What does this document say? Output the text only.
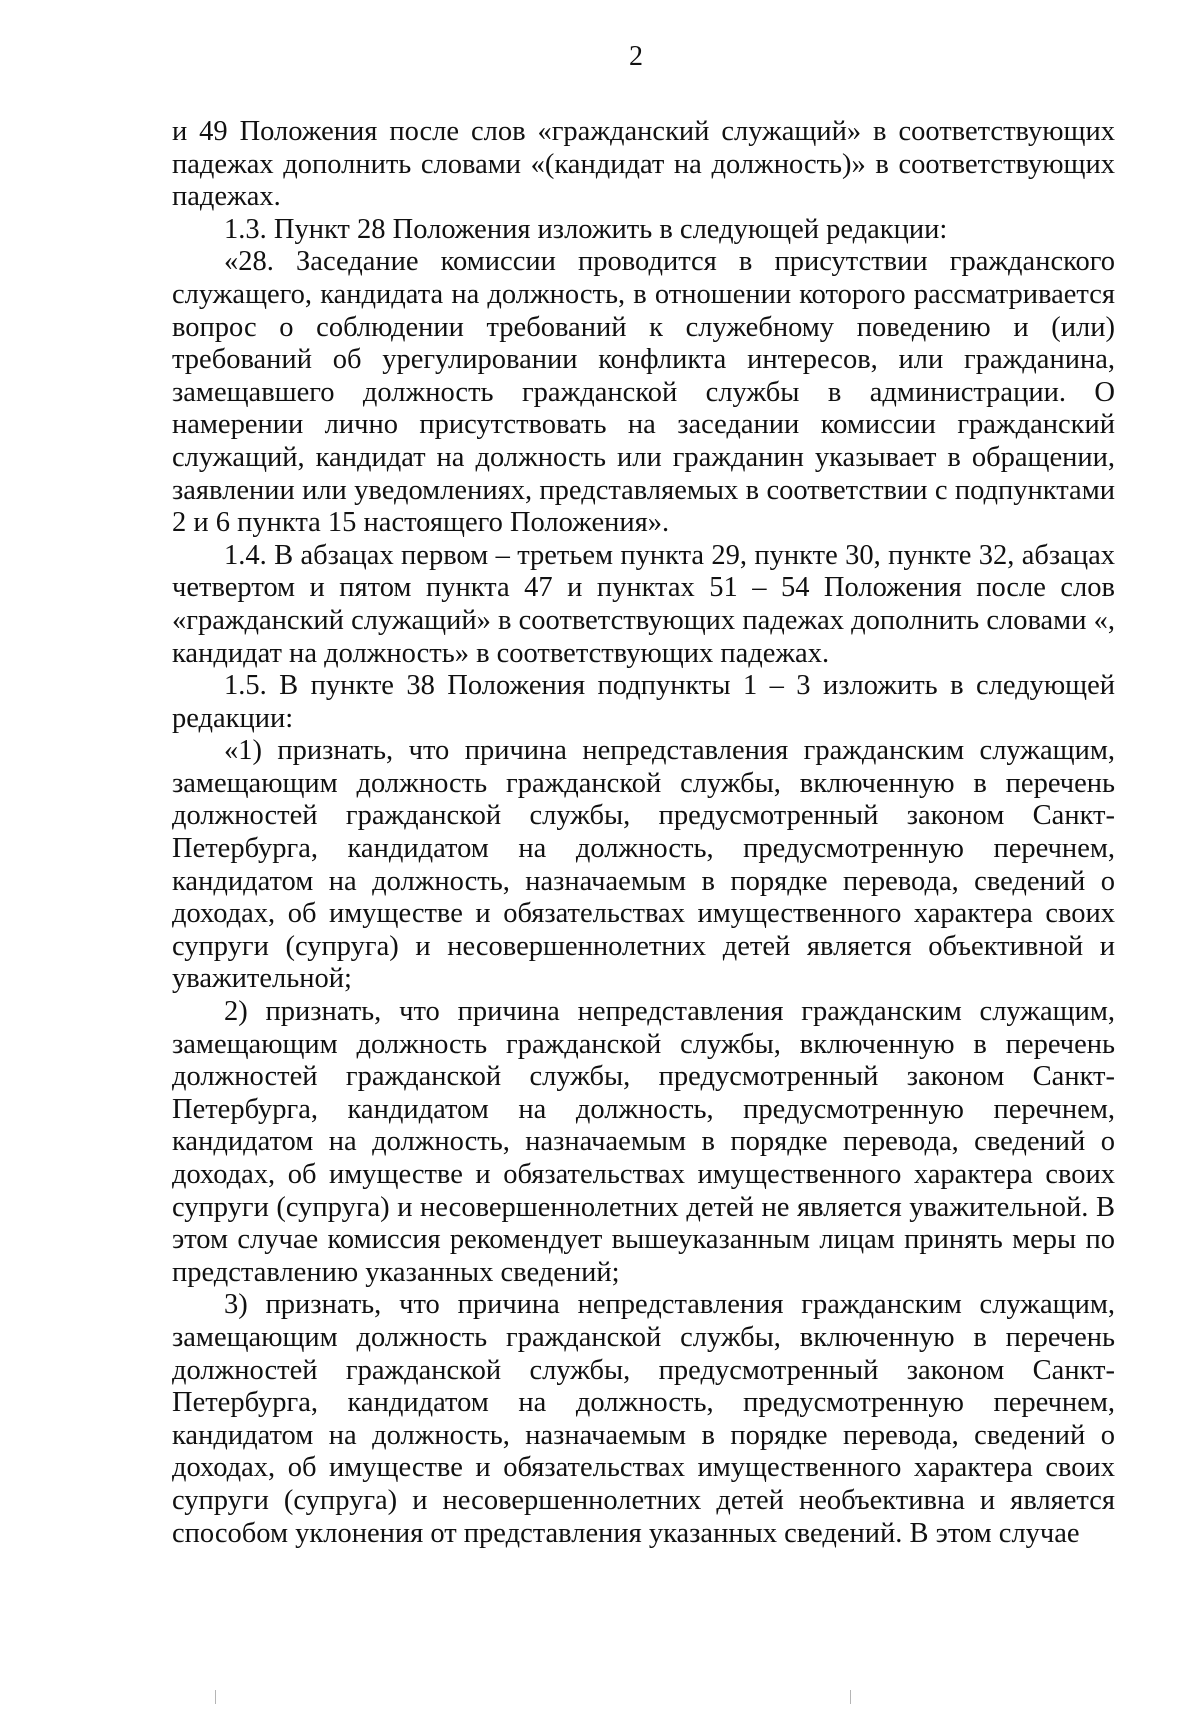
2

и 49 Положения после слов «гражданский служащий» в соответствующих падежах дополнить словами «(кандидат на должность)» в соответствующих падежах.

1.3. Пункт 28 Положения изложить в следующей редакции:

«28. Заседание комиссии проводится в присутствии гражданского служащего, кандидата на должность, в отношении которого рассматривается вопрос о соблюдении требований к служебному поведению и (или) требований об урегулировании конфликта интересов, или гражданина, замещавшего должность гражданской службы в администрации. О намерении лично присутствовать на заседании комиссии гражданский служащий, кандидат на должность или гражданин указывает в обращении, заявлении или уведомлениях, представляемых в соответствии с подпунктами 2 и 6 пункта 15 настоящего Положения».

1.4. В абзацах первом – третьем пункта 29, пункте 30, пункте 32, абзацах четвертом и пятом пункта 47 и пунктах 51 – 54 Положения после слов «гражданский служащий» в соответствующих падежах дополнить словами «, кандидат на должность» в соответствующих падежах.

1.5. В пункте 38 Положения подпункты 1 – 3 изложить в следующей редакции:

«1) признать, что причина непредставления гражданским служащим, замещающим должность гражданской службы, включенную в перечень должностей гражданской службы, предусмотренный законом Санкт-Петербурга, кандидатом на должность, предусмотренную перечнем, кандидатом на должность, назначаемым в порядке перевода, сведений о доходах, об имуществе и обязательствах имущественного характера своих супруги (супруга) и несовершеннолетних детей является объективной и уважительной;

2) признать, что причина непредставления гражданским служащим, замещающим должность гражданской службы, включенную в перечень должностей гражданской службы, предусмотренный законом Санкт-Петербурга, кандидатом на должность, предусмотренную перечнем, кандидатом на должность, назначаемым в порядке перевода, сведений о доходах, об имуществе и обязательствах имущественного характера своих супруги (супруга) и несовершеннолетних детей не является уважительной. В этом случае комиссия рекомендует вышеуказанным лицам принять меры по представлению указанных сведений;

3) признать, что причина непредставления гражданским служащим, замещающим должность гражданской службы, включенную в перечень должностей гражданской службы, предусмотренный законом Санкт-Петербурга, кандидатом на должность, предусмотренную перечнем, кандидатом на должность, назначаемым в порядке перевода, сведений о доходах, об имуществе и обязательствах имущественного характера своих супруги (супруга) и несовершеннолетних детей необъективна и является способом уклонения от представления указанных сведений. В этом случае
